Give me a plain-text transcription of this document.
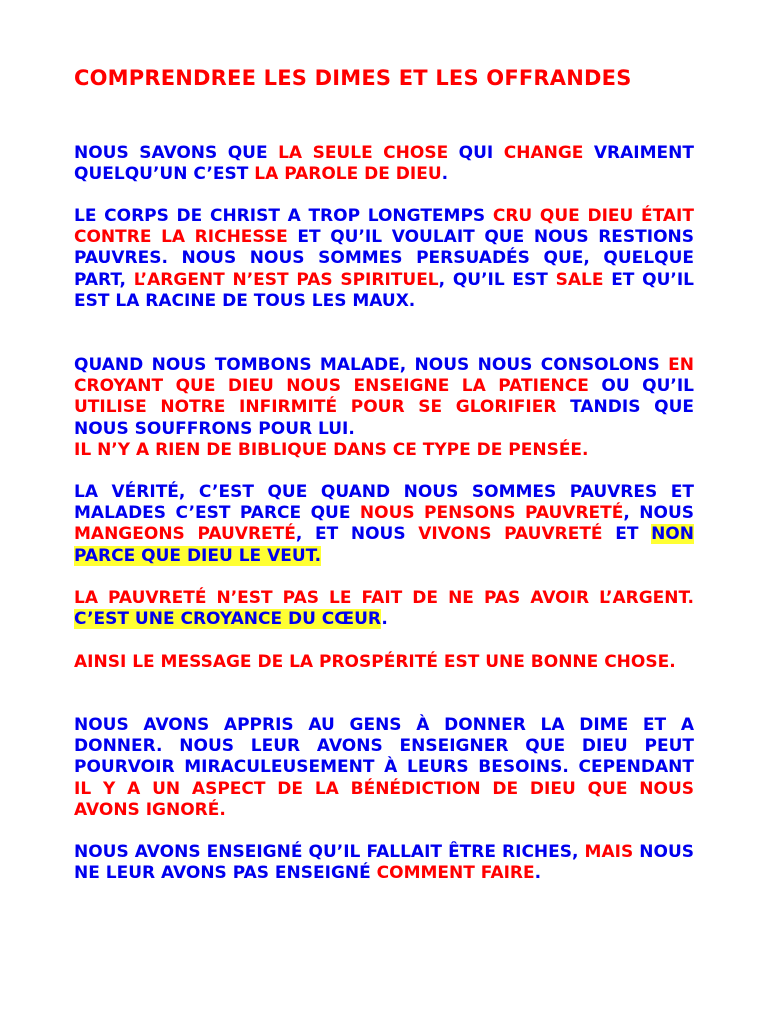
COMPRENDREE LES DIMES ET LES OFFRANDES

NOUS SAVONS QUE LA SEULE CHOSE QUI CHANGE VRAIMENT QUELQU’UN C’EST LA PAROLE DE DIEU.

LE CORPS DE CHRIST A TROP LONGTEMPS CRU QUE DIEU ÉTAIT CONTRE LA RICHESSE ET QU’IL VOULAIT QUE NOUS RESTIONS PAUVRES. NOUS NOUS SOMMES PERSUADÉS QUE, QUELQUE PART, L’ARGENT N’EST PAS SPIRITUEL, QU’IL EST SALE ET QU’IL EST LA RACINE DE TOUS LES MAUX.

QUAND NOUS TOMBONS MALADE, NOUS NOUS CONSOLONS EN CROYANT QUE DIEU NOUS ENSEIGNE LA PATIENCE OU QU’IL UTILISE NOTRE INFIRMITÉ POUR SE GLORIFIER TANDIS QUE NOUS SOUFFRONS POUR LUI.
IL N’Y A RIEN DE BIBLIQUE DANS CE TYPE DE PENSÉE.

LA VÉRITÉ, C’EST QUE QUAND NOUS SOMMES PAUVRES ET MALADES C’EST PARCE QUE NOUS PENSONS PAUVRETÉ, NOUS MANGEONS PAUVRETÉ, ET NOUS VIVONS PAUVRETÉ ET NON PARCE QUE DIEU LE VEUT.

LA PAUVRETÉ N’EST PAS LE FAIT DE NE PAS AVOIR L’ARGENT. C’EST UNE CROYANCE DU CŒUR.

AINSI LE MESSAGE DE LA PROSPÉRITÉ EST UNE BONNE CHOSE.

NOUS AVONS APPRIS AU GENS À DONNER LA DIME ET A DONNER. NOUS LEUR AVONS ENSEIGNER QUE DIEU PEUT POURVOIR MIRACULEUSEMENT À LEURS BESOINS. CEPENDANT IL Y A UN ASPECT DE LA BÉNÉDICTION DE DIEU QUE NOUS AVONS IGNORÉ.

NOUS AVONS ENSEIGNÉ QU’IL FALLAIT ÊTRE RICHES, MAIS NOUS NE LEUR AVONS PAS ENSEIGNÉ COMMENT FAIRE.
